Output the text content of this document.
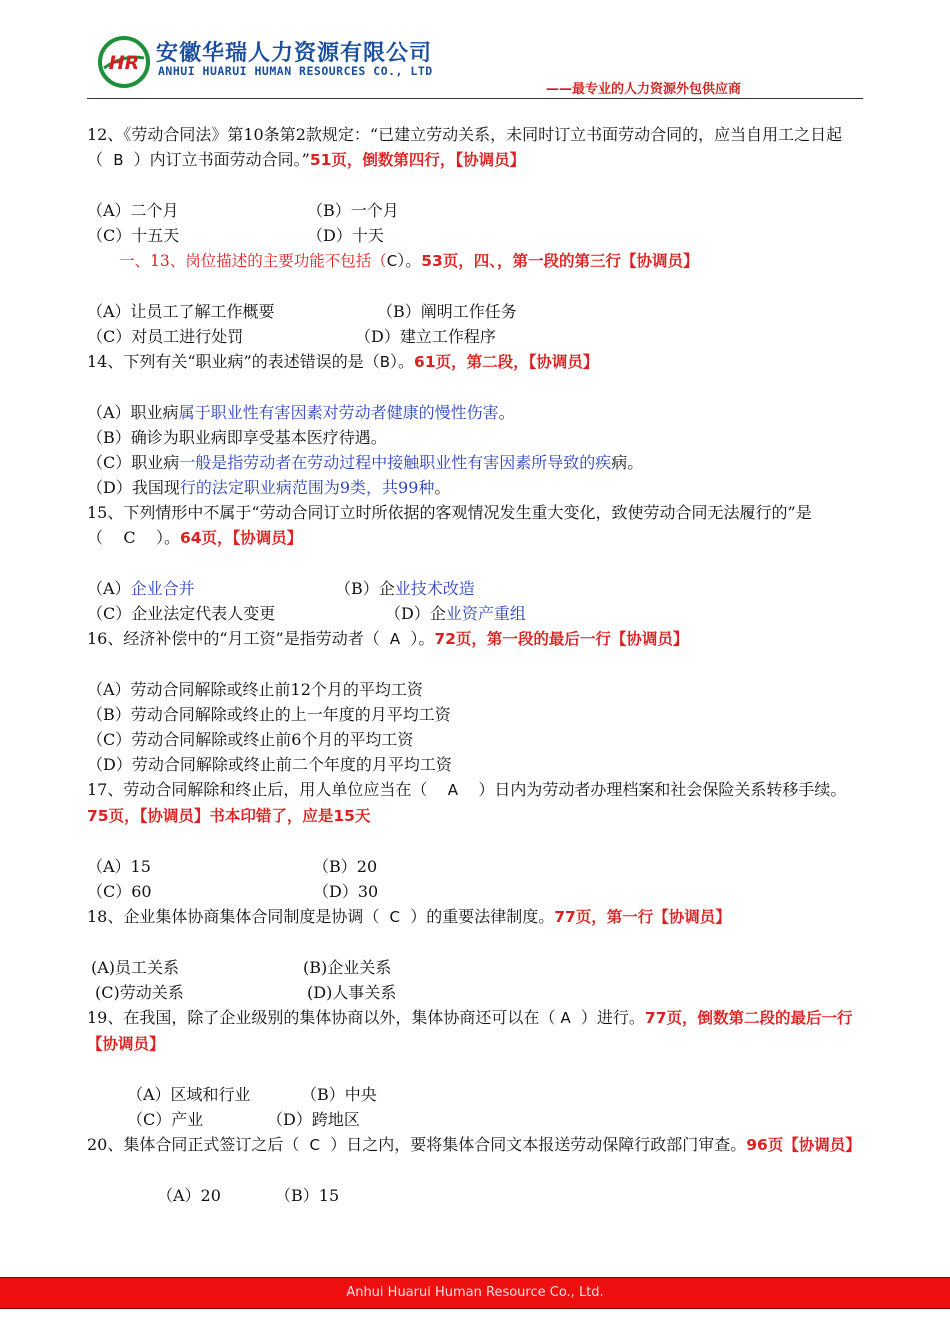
HR 安徽华瑞人力资源有限公司
ANHUI HUARUI HUMAN RESOURCES CO., LTD
——最专业的人力资源外包供应商

12、《劳动合同法》第10条第2款规定：“已建立劳动关系，未同时订立书面劳动合同的，应当自用工之日起（ B ）内订立书面劳动合同。”51页，倒数第四行，【协调员】

（A）二个月	（B）一个月

（C）十五天	（D）十天

一、13、岗位描述的主要功能不包括（C）。53页，四、，第一段的第三行【协调员】

（A）让员工了解工作概要	（B）阐明工作任务

（C）对员工进行处罚	（D）建立工作程序

14、下列有关“职业病”的表述错误的是（B）。61页，第二段，【协调员】

（A）职业病属于职业性有害因素对劳动者健康的慢性伤害。

（B）确诊为职业病即享受基本医疗待遇。

（C）职业病一般是指劳动者在劳动过程中接触职业性有害因素所导致的疾病。

（D）我国现行的法定职业病范围为9类，共99种。

15、下列情形中不属于“劳动合同订立时所依据的客观情况发生重大变化，致使劳动合同无法履行的”是（ C ）。64页，【协调员】

（A）企业合并	（B）企业技术改造

（C）企业法定代表人变更	（D）企业资产重组

16、经济补偿中的“月工资”是指劳动者（ A ）。72页，第一段的最后一行【协调员】

（A）劳动合同解除或终止前12个月的平均工资

（B）劳动合同解除或终止的上一年度的月平均工资

（C）劳动合同解除或终止前6个月的平均工资

（D）劳动合同解除或终止前二个年度的月平均工资

17、劳动合同解除和终止后，用人单位应当在（ A ）日内为劳动者办理档案和社会保险关系转移手续。75页，【协调员】书本印错了，应是15天

（A）15	（B）20

（C）60	（D）30

18、企业集体协商集体合同制度是协调（ C ）的重要法律制度。77页，第一行【协调员】

(A)员工关系	(B)企业关系

(C)劳动关系	(D)人事关系

19、在我国，除了企业级别的集体协商以外，集体协商还可以在（ A ）进行。77页，倒数第二段的最后一行【协调员】

（A）区域和行业	（B）中央

（C）产业	（D）跨地区

20、集体合同正式签订之后（ C ）日之内，要将集体合同文本报送劳动保障行政部门审查。96页【协调员】

（A）20	（B）15

Anhui Huarui Human Resource Co., Ltd.
